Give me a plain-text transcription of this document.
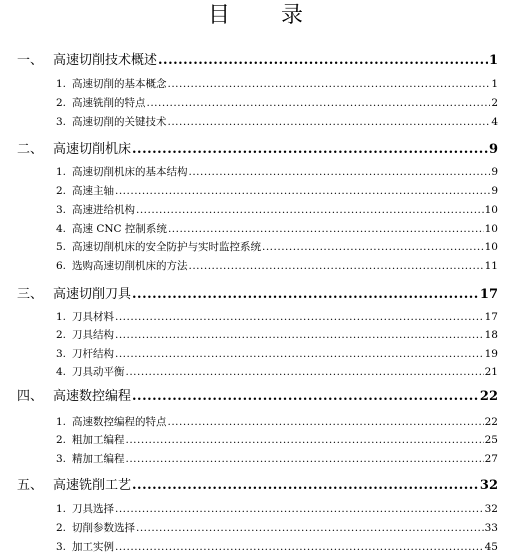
目 录
一、 高速切削技术概述 .....	1
1. 高速切削的基本概念 .....	1
2. 高速铣削的特点 .....	2
3. 高速切削的关键技术 .....	4
二、 高速切削机床 .....	9
1. 高速切削机床的基本结构 .....	9
2. 高速主轴 .....	9
3. 高速进给机构 .....	10
4. 高速 CNC 控制系统 .....	10
5. 高速切削机床的安全防护与实时监控系统 .....	10
6. 选购高速切削机床的方法 .....	11
三、 高速切削刀具 .....	17
1. 刀具材料 .....	17
2. 刀具结构 .....	18
3. 刀杆结构 .....	19
4. 刀具动平衡 .....	21
四、 高速数控编程 .....	22
1. 高速数控编程的特点 .....	22
2. 粗加工编程 .....	25
3. 精加工编程 .....	27
五、 高速铣削工艺 .....	32
1. 刀具选择 .....	32
2. 切削参数选择 .....	33
3. 加工实例 .....	45
